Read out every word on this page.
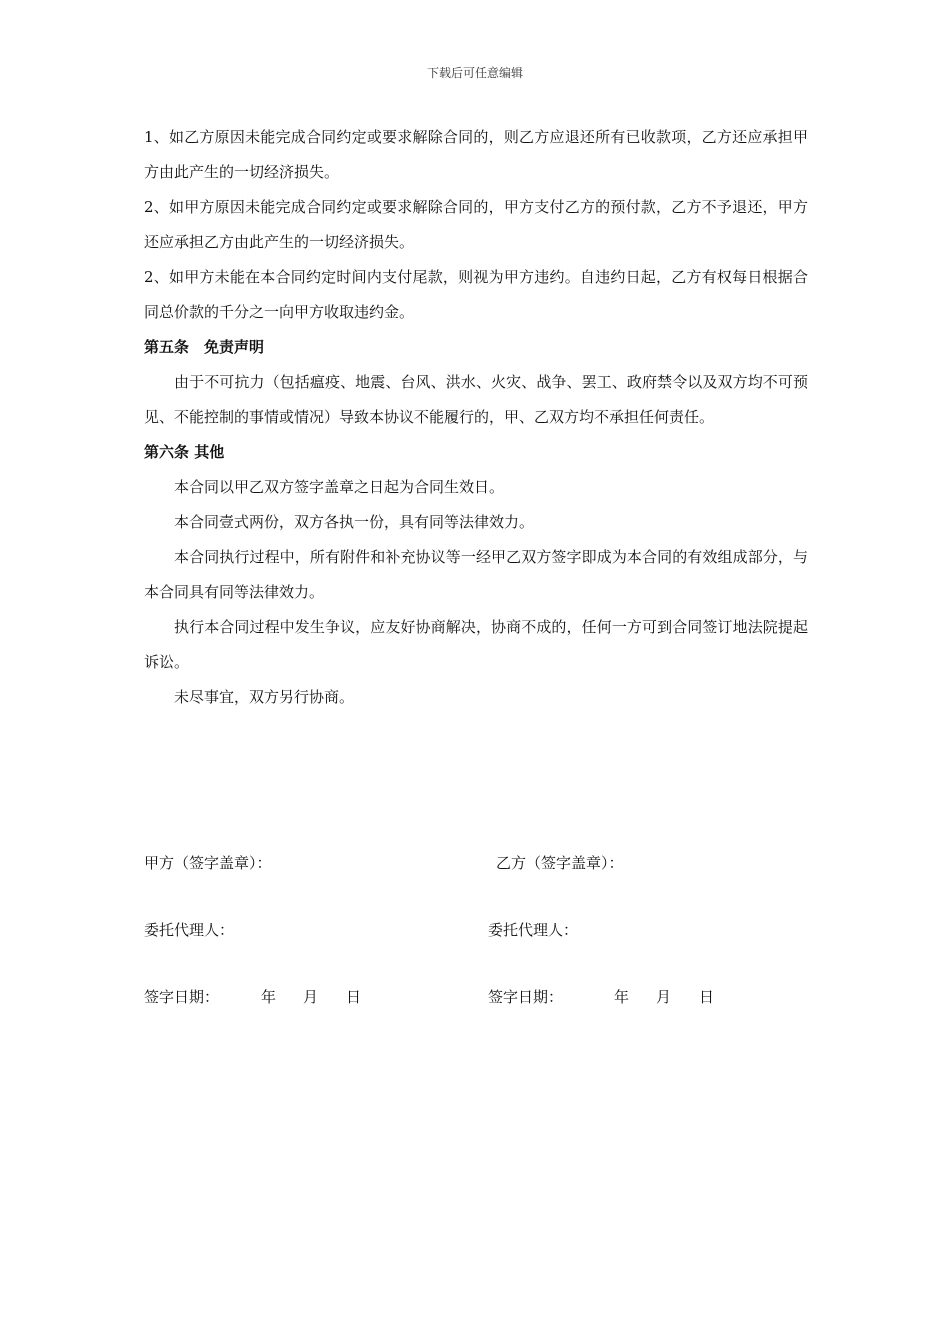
下载后可任意编辑

1、如乙方原因未能完成合同约定或要求解除合同的，则乙方应退还所有已收款项，乙方还应承担甲方由此产生的一切经济损失。

2、如甲方原因未能完成合同约定或要求解除合同的，甲方支付乙方的预付款，乙方不予退还，甲方还应承担乙方由此产生的一切经济损失。

2、如甲方未能在本合同约定时间内支付尾款，则视为甲方违约。自违约日起，乙方有权每日根据合同总价款的千分之一向甲方收取违约金。

第五条　免责声明

由于不可抗力（包括瘟疫、地震、台风、洪水、火灾、战争、罢工、政府禁令以及双方均不可预见、不能控制的事情或情况）导致本协议不能履行的，甲、乙双方均不承担任何责任。

第六条 其他

本合同以甲乙双方签字盖章之日起为合同生效日。

本合同壹式两份，双方各执一份，具有同等法律效力。

本合同执行过程中，所有附件和补充协议等一经甲乙双方签字即成为本合同的有效组成部分，与本合同具有同等法律效力。

执行本合同过程中发生争议，应友好协商解决，协商不成的，任何一方可到合同签订地法院提起诉讼。

未尽事宜，双方另行协商。

甲方（签字盖章）：	乙方（签字盖章）：
委托代理人：	委托代理人：
签字日期：	年 月 日	签字日期：	年 月 日
